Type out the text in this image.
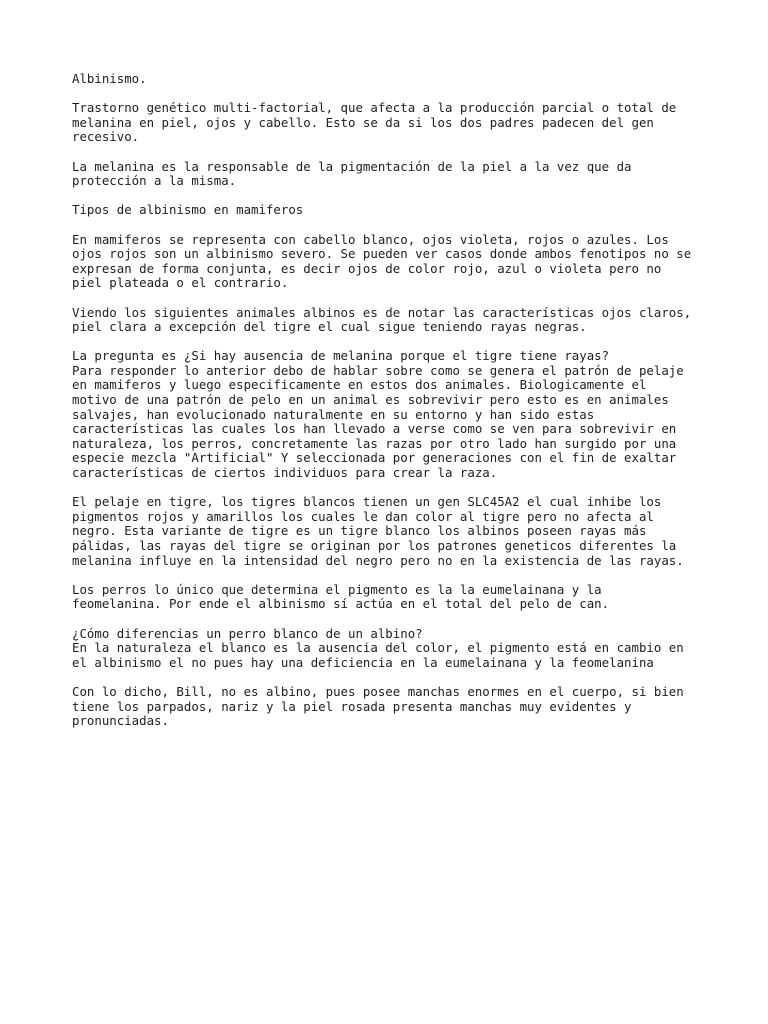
Albinismo.
Trastorno genético multi-factorial, que afecta a la producción parcial o total de
melanina en piel, ojos y cabello. Esto se da si los dos padres padecen del gen
recesivo.
La melanina es la responsable de la pigmentación de la piel a la vez que da
protección a la misma.
Tipos de albinismo en mamiferos
En mamiferos se representa con cabello blanco, ojos violeta, rojos o azules. Los
ojos rojos son un albinismo severo. Se pueden ver casos donde ambos fenotipos no se
expresan de forma conjunta, es decir ojos de color rojo, azul o violeta pero no
piel plateada o el contrario.
Viendo los siguientes animales albinos es de notar las características ojos claros,
piel clara a excepción del tigre el cual sigue teniendo rayas negras.
La pregunta es ¿Si hay ausencia de melanina porque el tigre tiene rayas?
Para responder lo anterior debo de hablar sobre como se genera el patrón de pelaje
en mamiferos y luego especificamente en estos dos animales. Biologicamente el
motivo de una patrón de pelo en un animal es sobrevivir pero esto es en animales
salvajes, han evolucionado naturalmente en su entorno y han sido estas
características las cuales los han llevado a verse como se ven para sobrevivir en
naturaleza, los perros, concretamente las razas por otro lado han surgido por una
especie mezcla "Artificial" Y seleccionada por generaciones con el fin de exaltar
características de ciertos individuos para crear la raza.
El pelaje en tigre, los tigres blancos tienen un gen SLC45A2 el cual inhibe los
pigmentos rojos y amarillos los cuales le dan color al tigre pero no afecta al
negro. Esta variante de tigre es un tigre blanco los albinos poseen rayas más
pálidas, las rayas del tigre se originan por los patrones geneticos diferentes la
melanina influye en la intensidad del negro pero no en la existencia de las rayas.
Los perros lo único que determina el pigmento es la la eumelainana y la
feomelanina. Por ende el albinismo sí actúa en el total del pelo de can.
¿Cómo diferencias un perro blanco de un albino?
En la naturaleza el blanco es la ausencia del color, el pigmento está en cambio en
el albinismo el no pues hay una deficiencia en la eumelainana y la feomelanina
Con lo dicho, Bill, no es albino, pues posee manchas enormes en el cuerpo, si bien
tiene los parpados, nariz y la piel rosada presenta manchas muy evidentes y
pronunciadas.
